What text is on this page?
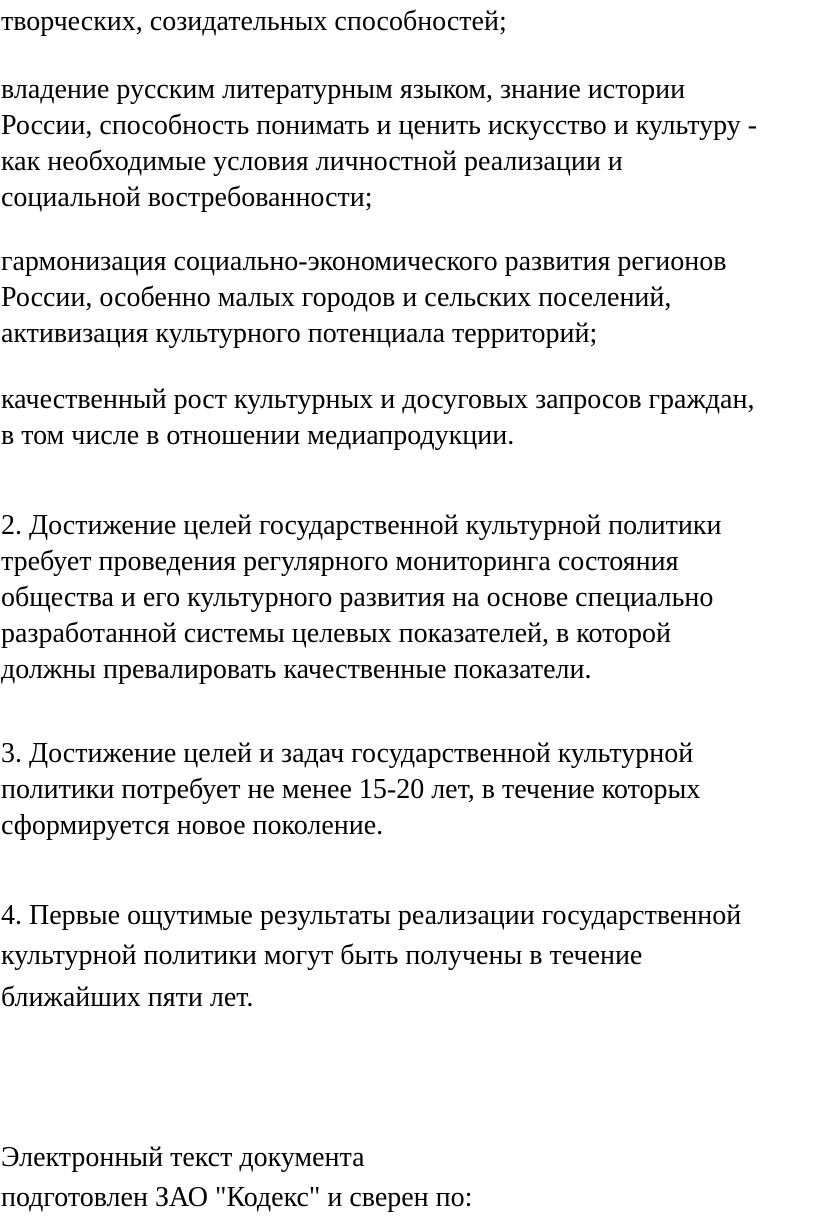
творческих, созидательных способностей;
владение русским литературным языком, знание истории
России, способность понимать и ценить искусство и культуру -
как необходимые условия личностной реализации и
социальной востребованности;
гармонизация социально-экономического развития регионов
России, особенно малых городов и сельских поселений,
активизация культурного потенциала территорий;
качественный рост культурных и досуговых запросов граждан,
в том числе в отношении медиапродукции.
2. Достижение целей государственной культурной политики
требует проведения регулярного мониторинга состояния
общества и его культурного развития на основе специально
разработанной системы целевых показателей, в которой
должны превалировать качественные показатели.
3. Достижение целей и задач государственной культурной
политики потребует не менее 15-20 лет, в течение которых
сформируется новое поколение.
4. Первые ощутимые результаты реализации государственной
культурной политики могут быть получены в течение
ближайших пяти лет.
Электронный текст документа
подготовлен ЗАО "Кодекс" и сверен по:
